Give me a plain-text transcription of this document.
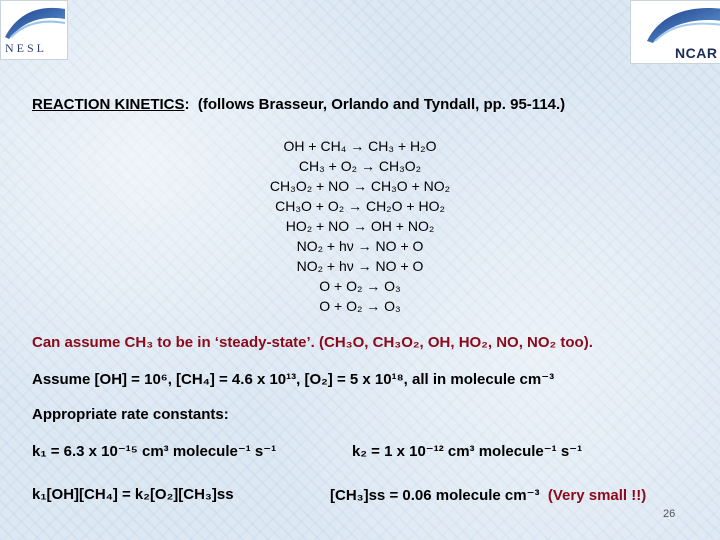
NESL	NCAR
REACTION KINETICS: (follows Brasseur, Orlando and Tyndall, pp. 95-114.)
OH + CH₄ → CH₃ + H₂O
CH₃ + O₂ → CH₃O₂
CH₃O₂ + NO → CH₃O + NO₂
CH₃O + O₂ → CH₂O + HO₂
HO₂ + NO → OH + NO₂
NO₂ + hν → NO + O
NO₂ + hν → NO + O
O + O₂ → O₃
O + O₂ → O₃
Can assume CH₃ to be in ‘steady-state’. (CH₃O, CH₃O₂, OH, HO₂, NO, NO₂ too).
Assume [OH] = 10⁶, [CH₄] = 4.6 x 10¹³, [O₂] = 5 x 10¹⁸, all in molecule cm⁻³
Appropriate rate constants:
k₁ = 6.3 x 10⁻¹⁵ cm³ molecule⁻¹ s⁻¹	k₂ = 1 x 10⁻¹² cm³ molecule⁻¹ s⁻¹
k₁[OH][CH₄] = k₂[O₂][CH₃]ss	[CH₃]ss = 0.06 molecule cm⁻³ (Very small !!)
26
